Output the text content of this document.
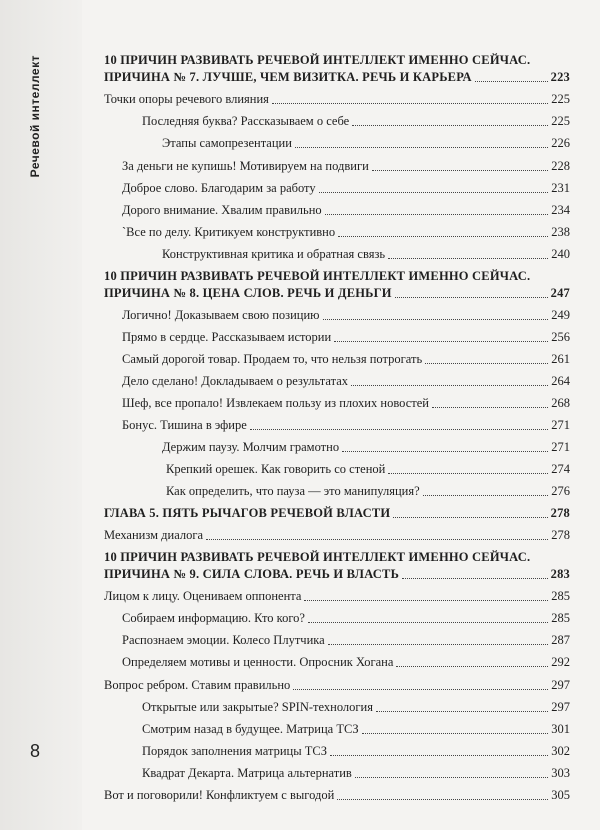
Речевой интеллект
8
10 ПРИЧИН РАЗВИВАТЬ РЕЧЕВОЙ ИНТЕЛЛЕКТ ИМЕННО СЕЙЧАС.
ПРИЧИНА № 7. ЛУЧШЕ, ЧЕМ ВИЗИТКА. РЕЧЬ И КАРЬЕРА	223
Точки опоры речевого влияния	225
Последняя буква? Рассказываем о себе	225
Этапы самопрезентации	226
За деньги не купишь! Мотивируем на подвиги	228
Доброе слово. Благодарим за работу	231
Дорого внимание. Хвалим правильно	234
`Все по делу. Критикуем конструктивно	238
Конструктивная критика и обратная связь	240
10 ПРИЧИН РАЗВИВАТЬ РЕЧЕВОЙ ИНТЕЛЛЕКТ ИМЕННО СЕЙЧАС.
ПРИЧИНА № 8. ЦЕНА СЛОВ. РЕЧЬ И ДЕНЬГИ	247
Логично! Доказываем свою позицию	249
Прямо в сердце. Рассказываем истории	256
Самый дорогой товар. Продаем то, что нельзя потрогать	261
Дело сделано! Докладываем о результатах	264
Шеф, все пропало! Извлекаем пользу из плохих новостей	268
Бонус. Тишина в эфире	271
Держим паузу. Молчим грамотно	271
Крепкий орешек. Как говорить со стеной	274
Как определить, что пауза — это манипуляция?	276
ГЛАВА 5. ПЯТЬ РЫЧАГОВ РЕЧЕВОЙ ВЛАСТИ	278
Механизм диалога	278
10 ПРИЧИН РАЗВИВАТЬ РЕЧЕВОЙ ИНТЕЛЛЕКТ ИМЕННО СЕЙЧАС.
ПРИЧИНА № 9. СИЛА СЛОВА. РЕЧЬ И ВЛАСТЬ	283
Лицом к лицу. Оцениваем оппонента	285
Собираем информацию. Кто кого?	285
Распознаем эмоции. Колесо Плутчика	287
Определяем мотивы и ценности. Опросник Хогана	292
Вопрос ребром. Ставим правильно	297
Открытые или закрытые? SPIN-технология	297
Смотрим назад в будущее. Матрица ТСЗ	301
Порядок заполнения матрицы ТСЗ	302
Квадрат Декарта. Матрица альтернатив	303
Вот и поговорили! Конфликтуем с выгодой	305
